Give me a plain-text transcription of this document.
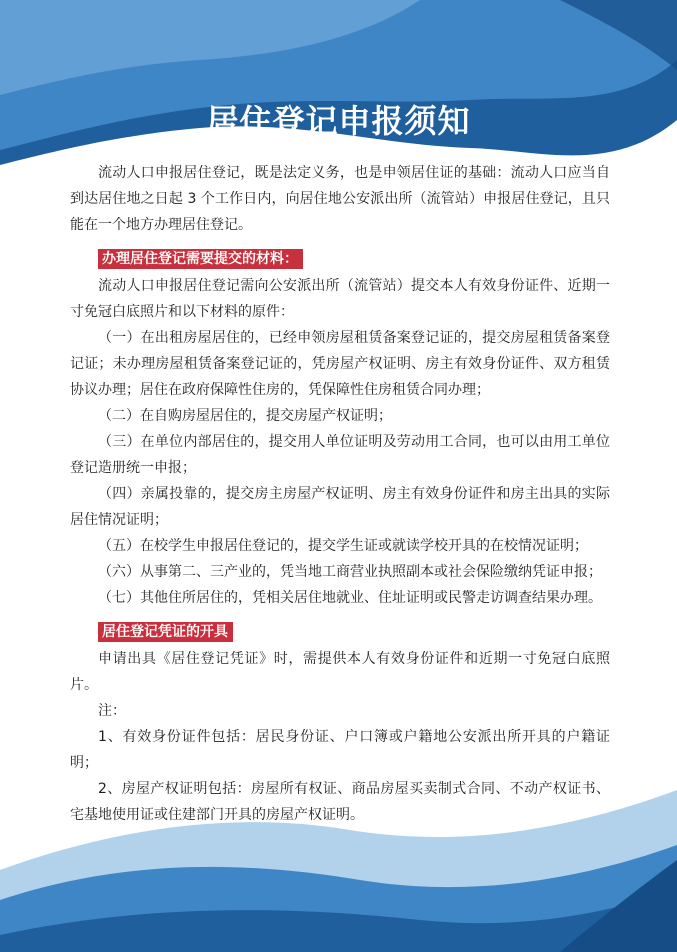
居住登记申报须知

流动人口申报居住登记，既是法定义务，也是申领居住证的基础：流动人口应当自到达居住地之日起 3 个工作日内，向居住地公安派出所（流管站）申报居住登记，且只能在一个地方办理居住登记。

办理居住登记需要提交的材料：

流动人口申报居住登记需向公安派出所（流管站）提交本人有效身份证件、近期一寸免冠白底照片和以下材料的原件：

（一）在出租房屋居住的，已经申领房屋租赁备案登记证的，提交房屋租赁备案登记证；未办理房屋租赁备案登记证的，凭房屋产权证明、房主有效身份证件、双方租赁协议办理；居住在政府保障性住房的，凭保障性住房租赁合同办理；

（二）在自购房屋居住的，提交房屋产权证明；

（三）在单位内部居住的，提交用人单位证明及劳动用工合同，也可以由用工单位登记造册统一申报；

（四）亲属投靠的，提交房主房屋产权证明、房主有效身份证件和房主出具的实际居住情况证明；

（五）在校学生申报居住登记的，提交学生证或就读学校开具的在校情况证明；

（六）从事第二、三产业的，凭当地工商营业执照副本或社会保险缴纳凭证申报；

（七）其他住所居住的，凭相关居住地就业、住址证明或民警走访调查结果办理。

居住登记凭证的开具

申请出具《居住登记凭证》时，需提供本人有效身份证件和近期一寸免冠白底照片。

注：

1、有效身份证件包括：居民身份证、户口簿或户籍地公安派出所开具的户籍证明；

2、房屋产权证明包括：房屋所有权证、商品房屋买卖制式合同、不动产权证书、宅基地使用证或住建部门开具的房屋产权证明。
